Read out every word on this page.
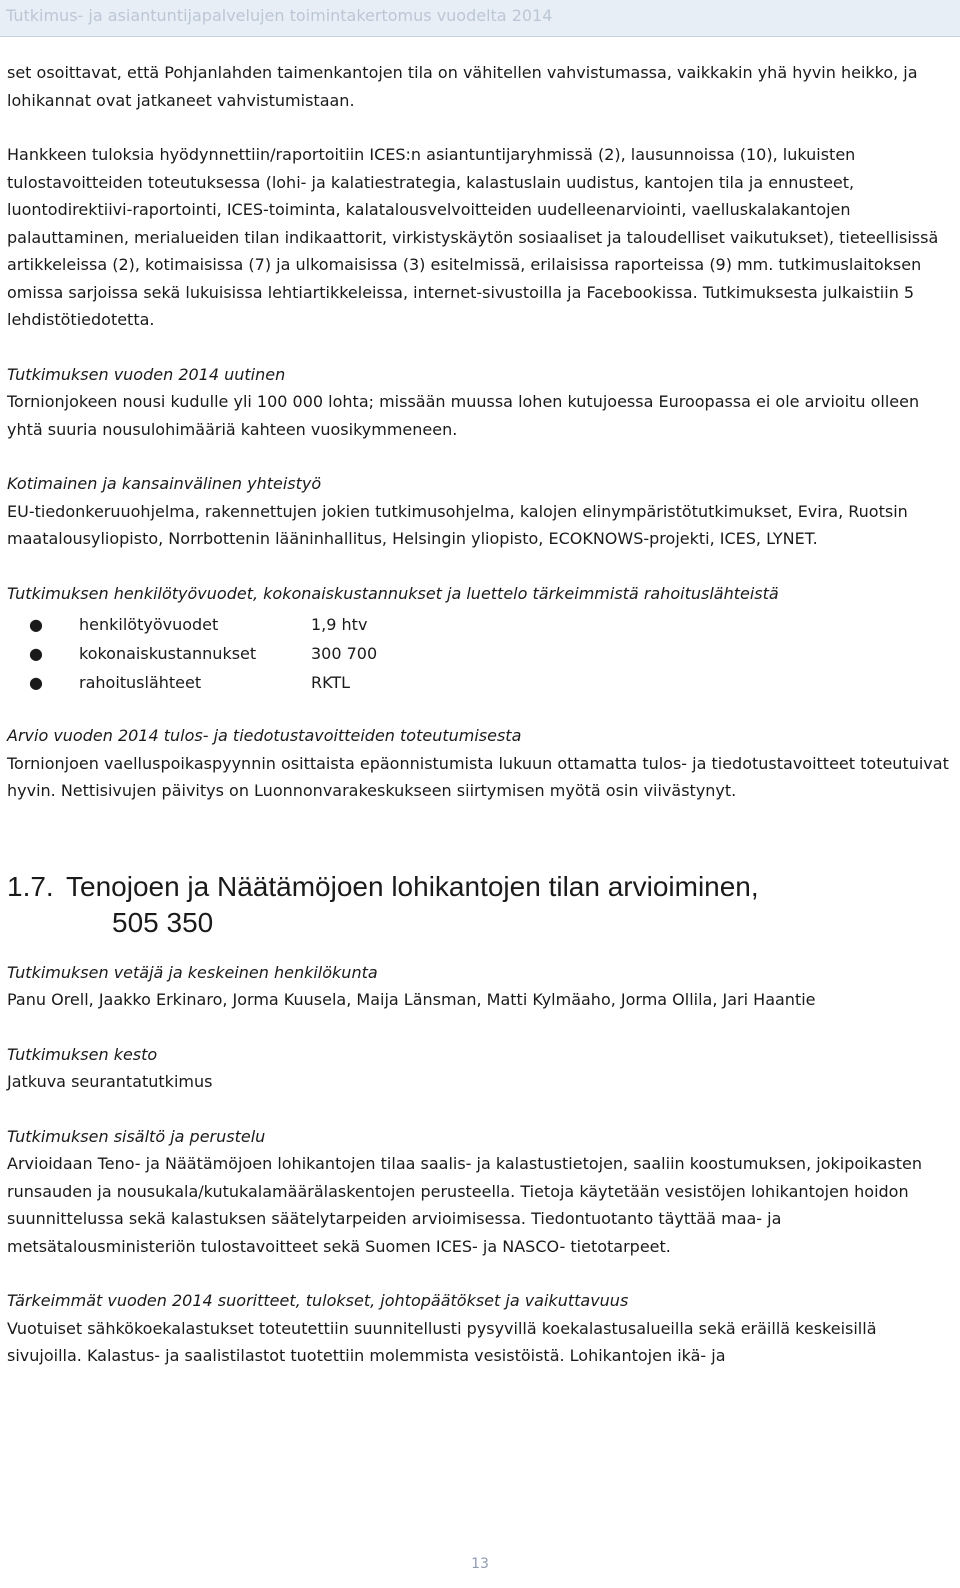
Tutkimus- ja asiantuntijapalvelujen toimintakertomus vuodelta 2014

set osoittavat, että Pohjanlahden taimenkantojen tila on vähitellen vahvistumassa, vaikkakin yhä hyvin heikko, ja lohikannat ovat jatkaneet vahvistumistaan.

Hankkeen tuloksia hyödynnettiin/raportoitiin ICES:n asiantuntijaryhmissä (2), lausunnoissa (10), lukuisten tulostavoitteiden toteutuksessa (lohi- ja kalatiestrategia, kalastuslain uudistus, kantojen tila ja ennusteet, luontodirektiivi-raportointi, ICES-toiminta, kalatalousvelvoitteiden uudelleenarviointi, vaelluskalakantojen palauttaminen, merialueiden tilan indikaattorit, virkistyskäytön sosiaaliset ja taloudelliset vaikutukset), tieteellisissä artikkeleissa (2), kotimaisissa (7) ja ulkomaisissa (3) esitelmissä, erilaisissa raporteissa (9) mm. tutkimuslaitoksen omissa sarjoissa sekä lukuisissa lehtiartikkeleissa, internet-sivustoilla ja Facebookissa. Tutkimuksesta julkaistiin 5 lehdistötiedotetta.

Tutkimuksen vuoden 2014 uutinen

Tornionjokeen nousi kudulle yli 100 000 lohta; missään muussa lohen kutujoessa Euroopassa ei ole arvioitu olleen yhtä suuria nousulohimääriä kahteen vuosikymmeneen.

Kotimainen ja kansainvälinen yhteistyö

EU-tiedonkeruuohjelma, rakennettujen jokien tutkimusohjelma, kalojen elinympäristötutkimukset, Evira, Ruotsin maatalousyliopisto, Norrbottenin lääninhallitus, Helsingin yliopisto, ECOKNOWS-projekti, ICES, LYNET.

Tutkimuksen henkilötyövuodet, kokonaiskustannukset ja luettelo tärkeimmistä rahoituslähteistä

● henkilötyövuodet	1,9 htv
● kokonaiskustannukset	300 700
● rahoituslähteet	RKTL

Arvio vuoden 2014 tulos- ja tiedotustavoitteiden toteutumisesta

Tornionjoen vaelluspoikaspyynnin osittaista epäonnistumista lukuun ottamatta tulos- ja tiedotustavoitteet toteutuivat hyvin. Nettisivujen päivitys on Luonnonvarakeskukseen siirtymisen myötä osin viivästynyt.

1.7. Tenojoen ja Näätämöjoen lohikantojen tilan arvioiminen,
505 350

Tutkimuksen vetäjä ja keskeinen henkilökunta

Panu Orell, Jaakko Erkinaro, Jorma Kuusela, Maija Länsman, Matti Kylmäaho, Jorma Ollila, Jari Haantie

Tutkimuksen kesto

Jatkuva seurantatutkimus

Tutkimuksen sisältö ja perustelu

Arvioidaan Teno- ja Näätämöjoen lohikantojen tilaa saalis- ja kalastustietojen, saaliin koostumuksen, jokipoikasten runsauden ja nousukala/kutukalamäärälaskentojen perusteella. Tietoja käytetään vesistöjen lohikantojen hoidon suunnittelussa sekä kalastuksen säätelytarpeiden arvioimisessa. Tiedontuotanto täyttää maa- ja metsätalousministeriön tulostavoitteet sekä Suomen ICES- ja NASCO- tietotarpeet.

Tärkeimmät vuoden 2014 suoritteet, tulokset, johtopäätökset ja vaikuttavuus

Vuotuiset sähkökoekalastukset toteutettiin suunnitellusti pysyvillä koekalastusalueilla sekä eräillä keskeisillä sivujoilla. Kalastus- ja saalistilastot tuotettiin molemmista vesistöistä. Lohikantojen ikä- ja

13
